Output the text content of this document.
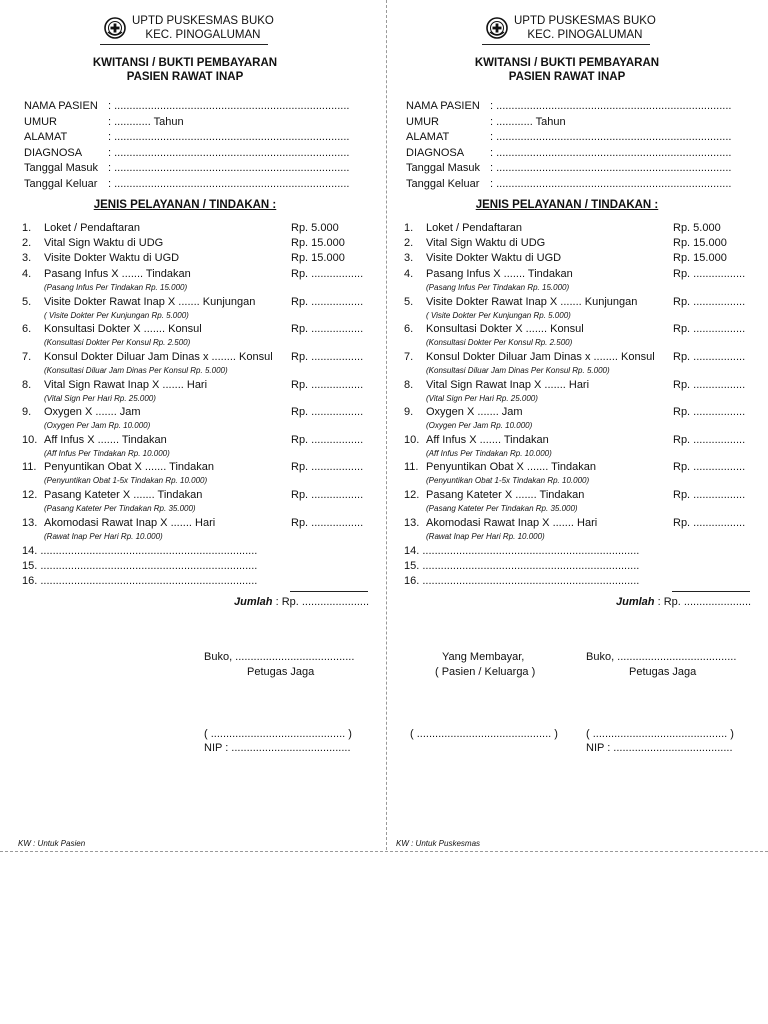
UPTD PUSKESMAS BUKO
KEC. PINOGALUMAN
KWITANSI / BUKTI PEMBAYARAN
PASIEN RAWAT INAP
NAMA PASIEN : .............................................................................
UMUR	: ............ Tahun
ALAMAT	: .............................................................................
DIAGNOSA : .............................................................................
Tanggal Masuk : .............................................................................
Tanggal Keluar : .............................................................................
JENIS PELAYANAN / TINDAKAN :
1. Loket / Pendaftaran	Rp. 5.000
2. Vital Sign Waktu di UDG	Rp. 15.000
3. Visite Dokter Waktu di UGD	Rp. 15.000
4. Pasang Infus X ....... Tindakan	Rp. .................
(Pasang Infus Per Tindakan Rp. 15.000)
5. Visite Dokter Rawat Inap X ....... Kunjungan	Rp. .................
( Visite Dokter Per Kunjungan Rp. 5.000)
6. Konsultasi Dokter X ....... Konsul	Rp. .................
(Konsultasi Dokter Per Konsul Rp. 2.500)
7. Konsul Dokter Diluar Jam Dinas x ........ Konsul Rp. .................
(Konsultasi Diluar Jam Dinas Per Konsul Rp. 5.000)
8. Vital Sign Rawat Inap X ....... Hari	Rp. .................
(Vital Sign Per Hari Rp. 25.000)
9. Oxygen X ....... Jam	Rp. .................
(Oxygen Per Jam Rp. 10.000)
10. Aff Infus X ....... Tindakan	Rp. .................
(Aff Infus Per Tindakan Rp. 10.000)
11. Penyuntikan Obat X ....... Tindakan	Rp. .................
(Penyuntikan Obat 1-5x Tindakan Rp. 10.000)
12. Pasang Kateter X ....... Tindakan	Rp. .................
(Pasang Kateter Per Tindakan Rp. 35.000)
13. Akomodasi Rawat Inap X ....... Hari	Rp. .................
(Rawat Inap Per Hari Rp. 10.000)
14. .......................................................................
15. .......................................................................
16. .......................................................................
Jumlah : Rp. ......................
Buko, .......................................
Petugas Jaga
( ............................................ )
NIP : .......................................
UPTD PUSKESMAS BUKO
KEC. PINOGALUMAN
KWITANSI / BUKTI PEMBAYARAN
PASIEN RAWAT INAP
NAMA PASIEN : .............................................................................
UMUR	: ............ Tahun
ALAMAT	: .............................................................................
DIAGNOSA : .............................................................................
Tanggal Masuk : .............................................................................
Tanggal Keluar : .............................................................................
JENIS PELAYANAN / TINDAKAN :
1. Loket / Pendaftaran	Rp. 5.000
2. Vital Sign Waktu di UDG	Rp. 15.000
3. Visite Dokter Waktu di UGD	Rp. 15.000
4. Pasang Infus X ....... Tindakan	Rp. .................
(Pasang Infus Per Tindakan Rp. 15.000)
5. Visite Dokter Rawat Inap X ....... Kunjungan	Rp. .................
( Visite Dokter Per Kunjungan Rp. 5.000)
6. Konsultasi Dokter X ....... Konsul	Rp. .................
(Konsultasi Dokter Per Konsul Rp. 2.500)
7. Konsul Dokter Diluar Jam Dinas x ........ Konsul Rp. .................
(Konsultasi Diluar Jam Dinas Per Konsul Rp. 5.000)
8. Vital Sign Rawat Inap X ....... Hari	Rp. .................
(Vital Sign Per Hari Rp. 25.000)
9. Oxygen X ....... Jam	Rp. .................
(Oxygen Per Jam Rp. 10.000)
10. Aff Infus X ....... Tindakan	Rp. .................
(Aff Infus Per Tindakan Rp. 10.000)
11. Penyuntikan Obat X ....... Tindakan	Rp. .................
(Penyuntikan Obat 1-5x Tindakan Rp. 10.000)
12. Pasang Kateter X ....... Tindakan	Rp. .................
(Pasang Kateter Per Tindakan Rp. 35.000)
13. Akomodasi Rawat Inap X ....... Hari	Rp. .................
(Rawat Inap Per Hari Rp. 10.000)
14. .......................................................................
15. .......................................................................
16. .......................................................................
Jumlah : Rp. ......................
Buko, .......................................
Petugas Jaga
( ............................................ )
NIP : .......................................
Yang Membayar,
( Pasien / Keluarga )
( ............................................ )
KW : Untuk Pasien	KW : Untuk Puskesmas
